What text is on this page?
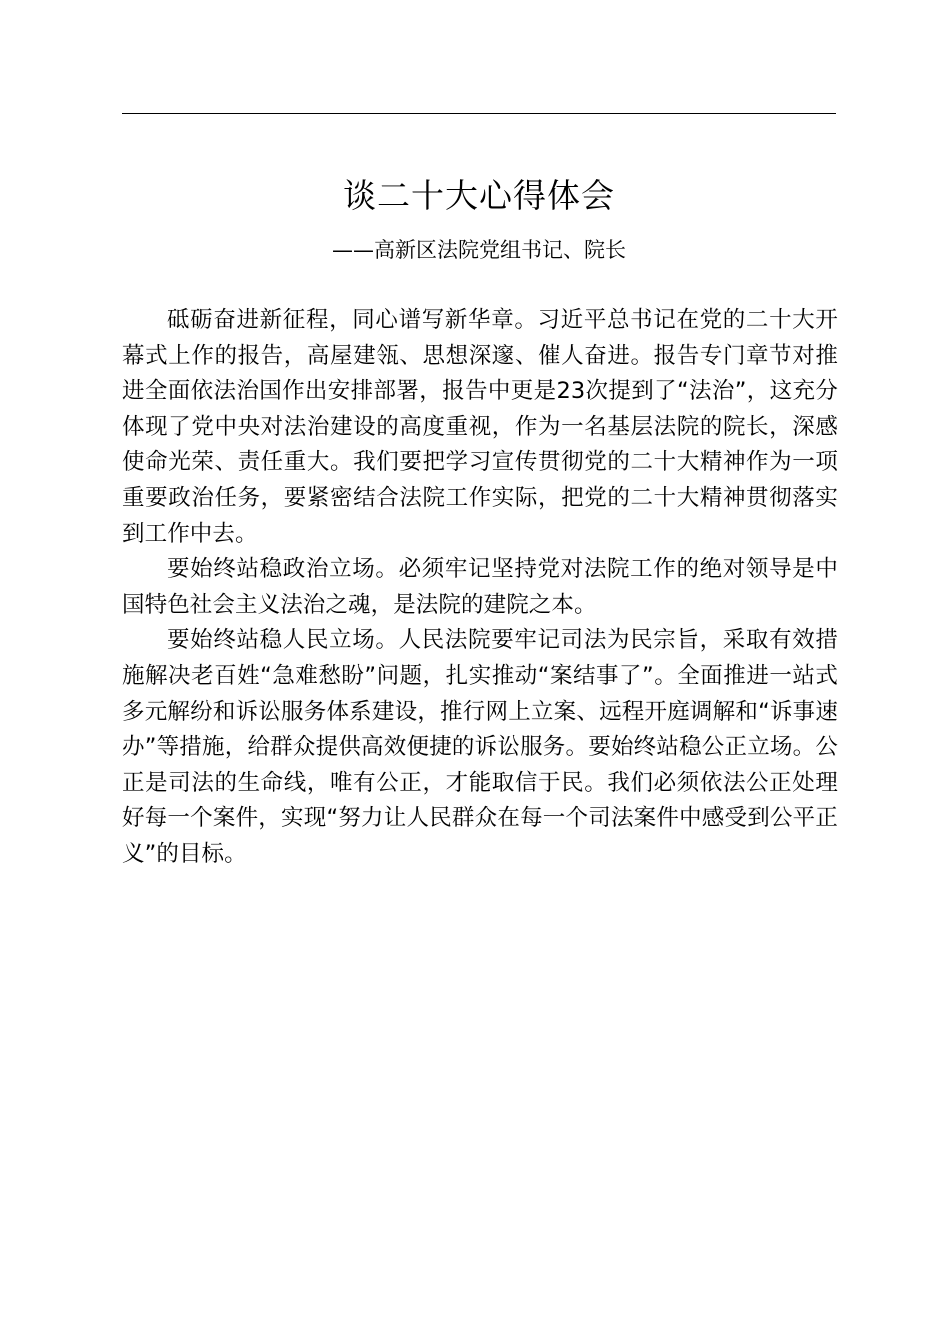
谈二十大心得体会
——高新区法院党组书记、院长

砥砺奋进新征程，同心谱写新华章。习近平总书记在党的二十大开幕式上作的报告，高屋建瓴、思想深邃、催人奋进。报告专门章节对推进全面依法治国作出安排部署，报告中更是23次提到了“法治”，这充分体现了党中央对法治建设的高度重视，作为一名基层法院的院长，深感使命光荣、责任重大。我们要把学习宣传贯彻党的二十大精神作为一项重要政治任务，要紧密结合法院工作实际，把党的二十大精神贯彻落实到工作中去。

要始终站稳政治立场。必须牢记坚持党对法院工作的绝对领导是中国特色社会主义法治之魂，是法院的建院之本。

要始终站稳人民立场。人民法院要牢记司法为民宗旨，采取有效措施解决老百姓“急难愁盼”问题，扎实推动“案结事了”。全面推进一站式多元解纷和诉讼服务体系建设，推行网上立案、远程开庭调解和“诉事速办”等措施，给群众提供高效便捷的诉讼服务。要始终站稳公正立场。公正是司法的生命线，唯有公正，才能取信于民。我们必须依法公正处理好每一个案件，实现“努力让人民群众在每一个司法案件中感受到公平正义”的目标。
